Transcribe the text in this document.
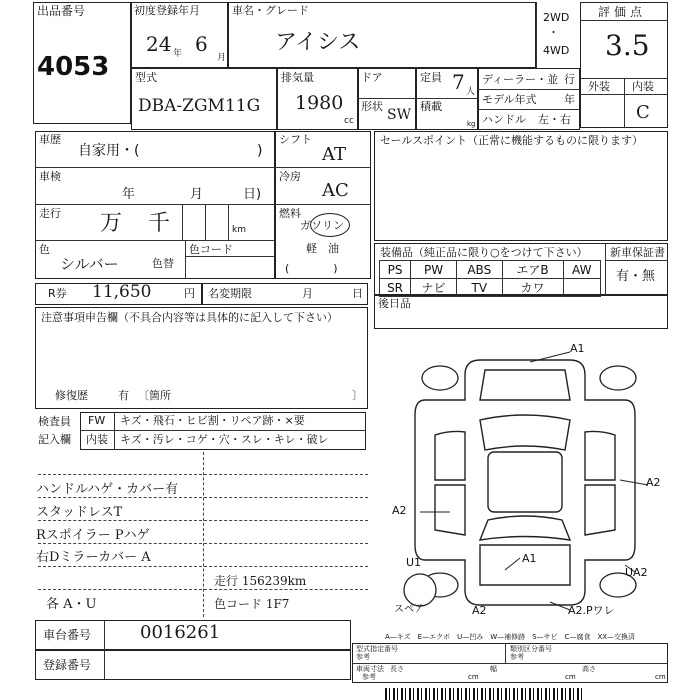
出品番号
4053
初度登録年月
24 年 6
月
車名・グレード
アイシス
2WD
・
4WD
評価点
3.5
外装 内装
C
型式
DBA-ZGM11G
排気量
1980
cc
ドア
形状
SW
定員 7 人
積載
kg
ディーラー・並 行
モデル年式	年
ハンドル 左・右
車歴
自家用・(	)
車検
年	月	日)
走行 万 千	km
色
シルバー	色替
色コード
シフト
AT
冷房
AC
燃料
ガソリン
軽　油
(　　　　)
セールスポイント（正常に機能するものに限ります）
装備品（純正品に限り○をつけて下さい）
PS	PW	ABS	エアB	AW
SR	ナビ	TV	カワ	
新車保証書
有・無
R券 11,650	円 名変期限	月	日
注意事項申告欄（不具合内容等は具体的に記入して下さい）
修復歴	有 〔箇所	〕
後日品
検査員
記入欄
FW キズ・飛石・ヒビ割・リペア跡・×要
内装 キズ・汚レ・コゲ・穴・スレ・キレ・破レ
ハンドルハゲ・カバー有
スタッドレスT
Rスポイラー Pハゲ
右Dミラーカバー A
各 A・U
走行 156239km
色コード 1F7
A1
A2
A2
A1
U1
UA2
A2	A2.Pワレ
スペア
車台番号	0016261
登録番号
A—キズ　E—エクボ　U—凹み　W—補修跡　S—サビ　C—腐食　XX—交換済
型式指定番号
参考
類別区分番号
参考
車両寸法
参考
長さ
cm
幅
cm
高さ
cm
